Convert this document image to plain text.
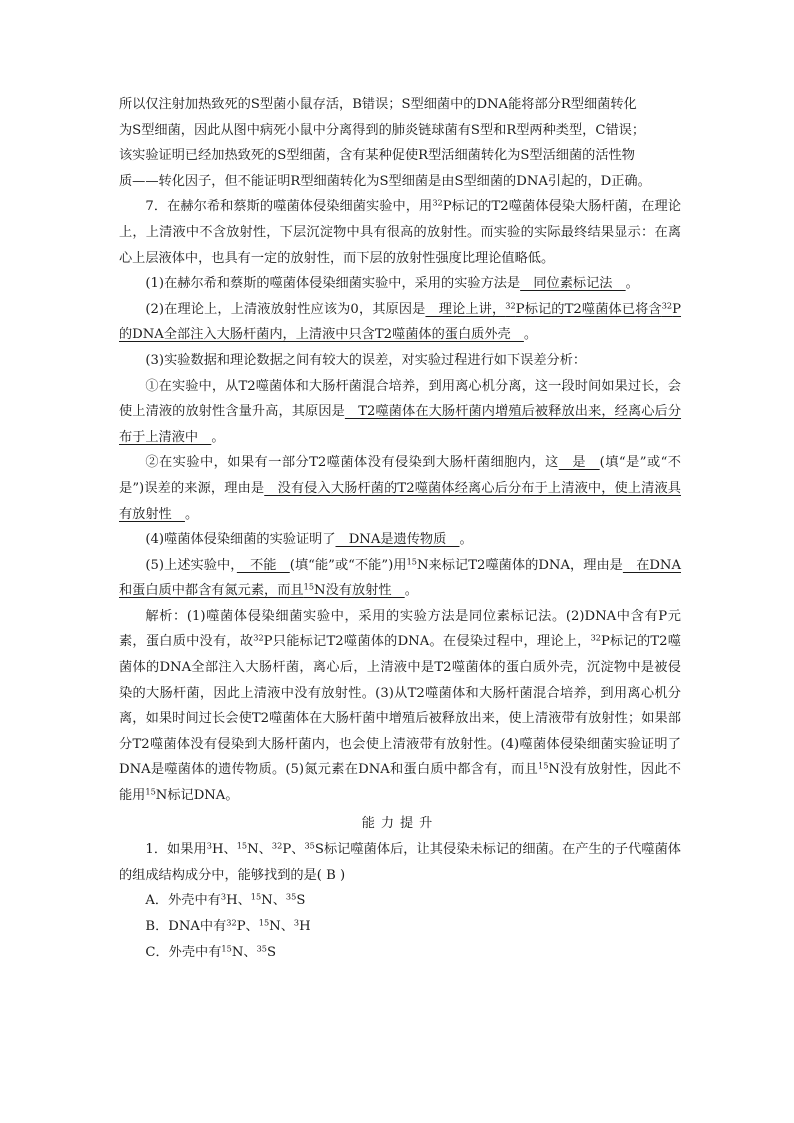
所以仅注射加热致死的S型菌小鼠存活，B错误；S型细菌中的DNA能将部分R型细菌转化

为S型细菌，因此从图中病死小鼠中分离得到的肺炎链球菌有S型和R型两种类型，C错误；

该实验证明已经加热致死的S型细菌，含有某种促使R型活细菌转化为S型活细菌的活性物

质——转化因子，但不能证明R型细菌转化为S型细菌是由S型细菌的DNA引起的，D正确。

7．在赫尔希和蔡斯的噬菌体侵染细菌实验中，用$^{32}$P标记的T2噬菌体侵染大肠杆菌，在理论上，上清液中不含放射性，下层沉淀物中具有很高的放射性。而实验的实际最终结果显示：在离心上层液体中，也具有一定的放射性，而下层的放射性强度比理论值略低。

(1)在赫尔希和蔡斯的噬菌体侵染细菌实验中，采用的实验方法是　同位素标记法　。

(2)在理论上，上清液放射性应该为0，其原因是　理论上讲，$^{32}$P标记的T2噬菌体已将含$^{32}$P的DNA全部注入大肠杆菌内，上清液中只含T2噬菌体的蛋白质外壳　。

(3)实验数据和理论数据之间有较大的误差，对实验过程进行如下误差分析：

①在实验中，从T2噬菌体和大肠杆菌混合培养，到用离心机分离，这一段时间如果过长，会使上清液的放射性含量升高，其原因是　T2噬菌体在大肠杆菌内增殖后被释放出来，经离心后分布于上清液中　。

②在实验中，如果有一部分T2噬菌体没有侵染到大肠杆菌细胞内，这　是　(填“是”或“不是”)误差的来源，理由是　没有侵入大肠杆菌的T2噬菌体经离心后分布于上清液中，使上清液具有放射性　。

(4)噬菌体侵染细菌的实验证明了　DNA是遗传物质　。

(5)上述实验中，　不能　(填“能”或“不能”)用$^{15}$N来标记T2噬菌体的DNA，理由是　在DNA和蛋白质中都含有氮元素，而且$^{15}$N没有放射性　。

解析：(1)噬菌体侵染细菌实验中，采用的实验方法是同位素标记法。(2)DNA中含有P元素，蛋白质中没有，故$^{32}$P只能标记T2噬菌体的DNA。在侵染过程中，理论上，$^{32}$P标记的T2噬菌体的DNA全部注入大肠杆菌，离心后，上清液中是T2噬菌体的蛋白质外壳，沉淀物中是被侵染的大肠杆菌，因此上清液中没有放射性。(3)从T2噬菌体和大肠杆菌混合培养，到用离心机分离，如果时间过长会使T2噬菌体在大肠杆菌中增殖后被释放出来，使上清液带有放射性；如果部分T2噬菌体没有侵染到大肠杆菌内，也会使上清液带有放射性。(4)噬菌体侵染细菌实验证明了DNA是噬菌体的遗传物质。(5)氮元素在DNA和蛋白质中都含有，而且$^{15}$N没有放射性，因此不能用$^{15}$N标记DNA。

能力提升

1．如果用$^3$H、$^{15}$N、$^{32}$P、$^{35}$S标记噬菌体后，让其侵染未标记的细菌。在产生的子代噬菌体的组成结构成分中，能够找到的是( B )

A．外壳中有$^3$H、$^{15}$N、$^{35}$S

B．DNA中有$^{32}$P、$^{15}$N、$^3$H

C．外壳中有$^{15}$N、$^{35}$S
